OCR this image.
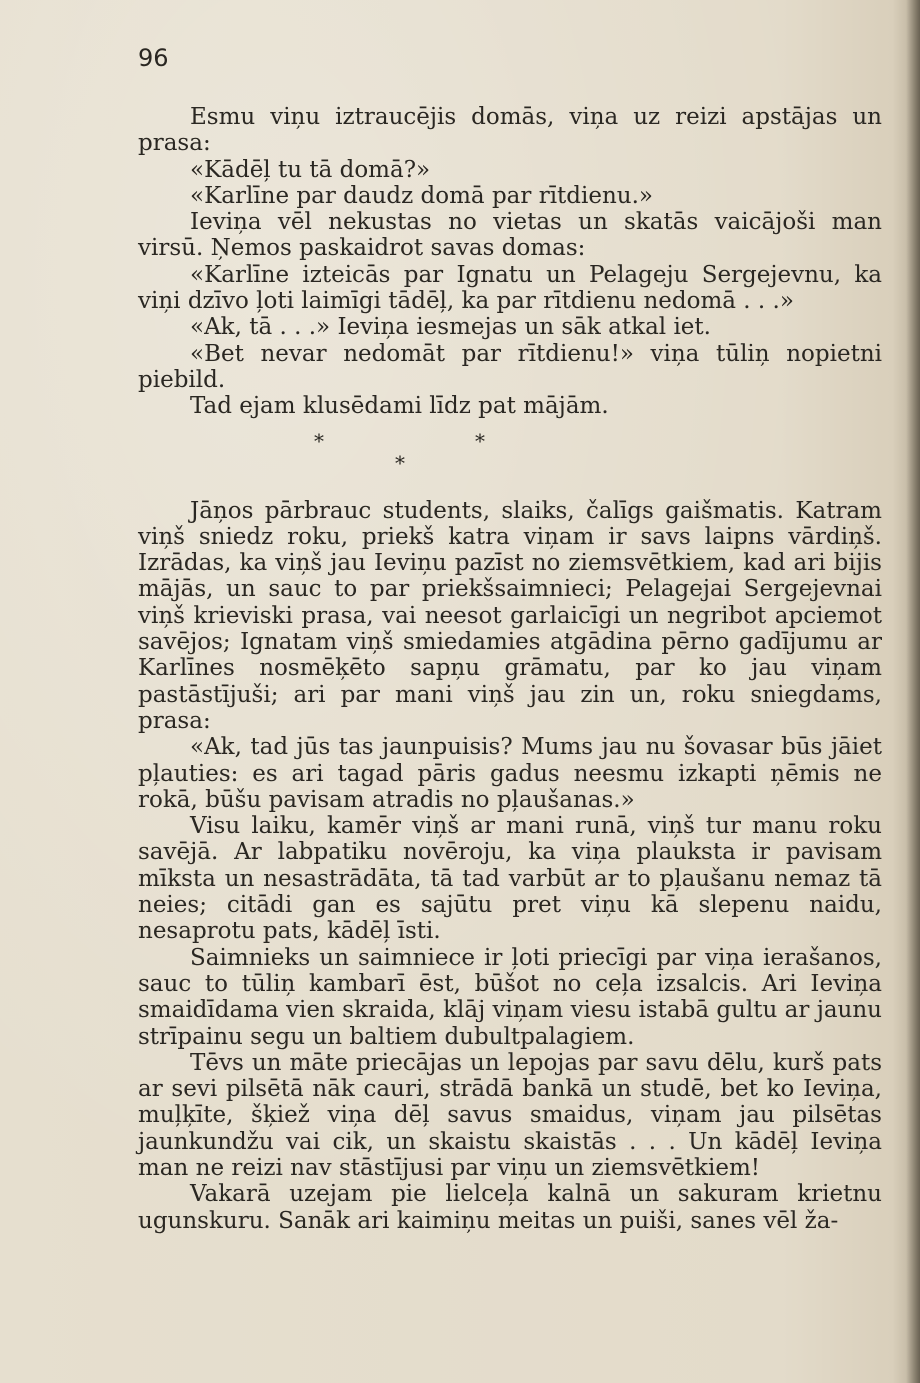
96

Esmu viņu iztraucējis domās, viņa uz reizi apstājas un prasa:

«Kādēļ tu tā domā?»

«Karlīne par daudz domā par rītdienu.»

Ieviņa vēl nekustas no vietas un skatās vaicājoši man virsū. Ņemos paskaidrot savas domas:

«Karlīne izteicās par Ignatu un Pelageju Sergejevnu, ka viņi dzīvo ļoti laimīgi tādēļ, ka par rītdienu nedomā . . .»

«Ak, tā . . .» Ieviņa iesmejas un sāk atkal iet.

«Bet nevar nedomāt par rītdienu!» viņa tūliņ nopietni piebild.

Tad ejam klusēdami līdz pat mājām.

*	*
*

Jāņos pārbrauc students, slaiks, čalīgs gaišmatis. Katram viņš sniedz roku, priekš katra viņam ir savs laipns vārdiņš. Izrādas, ka viņš jau Ieviņu pazīst no ziemsvētkiem, kad ari bijis mājās, un sauc to par priekšsaimnieci; Pelagejai Sergejevnai viņš krieviski prasa, vai neesot garlaicīgi un negribot apciemot savējos; Ignatam viņš smiedamies atgādina pērno gadījumu ar Karlīnes nosmēķēto sapņu grāmatu, par ko jau viņam pastāstījuši; ari par mani viņš jau zin un, roku sniegdams, prasa:

«Ak, tad jūs tas jaunpuisis? Mums jau nu šovasar būs jāiet pļauties: es ari tagad pāris gadus neesmu izkapti ņēmis ne rokā, būšu pavisam atradis no pļaušanas.»

Visu laiku, kamēr viņš ar mani runā, viņš tur manu roku savējā. Ar labpatiku novēroju, ka viņa plauksta ir pavisam mīksta un nesastrādāta, tā tad varbūt ar to pļaušanu nemaz tā neies; citādi gan es sajūtu pret viņu kā slepenu naidu, nesaprotu pats, kādēļ īsti.

Saimnieks un saimniece ir ļoti priecīgi par viņa ierašanos, sauc to tūliņ kambarī ēst, būšot no ceļa izsalcis. Ari Ieviņa smaidīdama vien skraida, klāj viņam viesu istabā gultu ar jaunu strīpainu segu un baltiem dubultpalagiem.

Tēvs un māte priecājas un lepojas par savu dēlu, kurš pats ar sevi pilsētā nāk cauri, strādā bankā un studē, bet ko Ieviņa, muļķīte, šķiež viņa dēļ savus smaidus, viņam jau pilsētas jaunkundžu vai cik, un skaistu skaistās . . . Un kādēļ Ieviņa man ne reizi nav stāstījusi par viņu un ziemsvētkiem!

Vakarā uzejam pie lielceļa kalnā un sakuram krietnu ugunskuru. Sanāk ari kaimiņu meitas un puiši, sanes vēl ža-
